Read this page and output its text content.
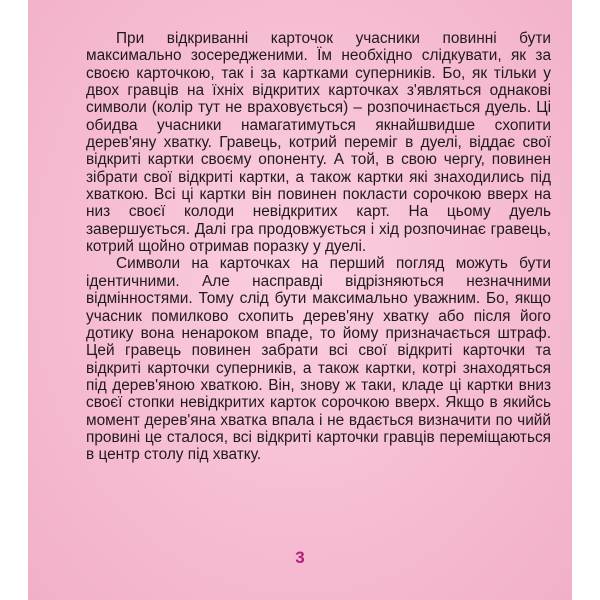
При відкриванні карточок учасники повинні бути максимально зосередженими. Їм необхідно слідкувати, як за своєю карточкою, так і за картками суперників. Бо, як тільки у двох гравців на їхніх відкритих карточках з'являться однакові символи (колір тут не враховується) – розпочинається дуель. Ці обидва учасники намагатимуться якнайшвидше схопити дерев'яну хватку. Гравець, котрий переміг в дуелі, віддає свої відкриті картки своєму опоненту. А той, в свою чергу, повинен зібрати свої відкриті картки, а також картки які знаходились під хваткою. Всі ці картки він повинен покласти сорочкою вверх на низ своєї колоди невідкритих карт. На цьому дуель завершується. Далі гра продовжується і хід розпочинає гравець, котрий щойно отримав поразку у дуелі.

Символи на карточках на перший погляд можуть бути ідентичними. Але насправді відрізняються незначними відмінностями. Тому слід бути максимально уважним. Бо, якщо учасник помилково схопить дерев'яну хватку або після його дотику вона ненароком впаде, то йому призначається штраф. Цей гравець повинен забрати всі свої відкриті карточки та відкриті карточки суперників, а також картки, котрі знаходяться під дерев'яною хваткою. Він, знову ж таки, кладе ці картки вниз своєї стопки невідкритих карток сорочкою вверх. Якщо в якийсь момент дерев'яна хватка впала і не вдається визначити по чийй провині це сталося, всі відкриті карточки гравців переміщаються в центр столу під хватку.

3
